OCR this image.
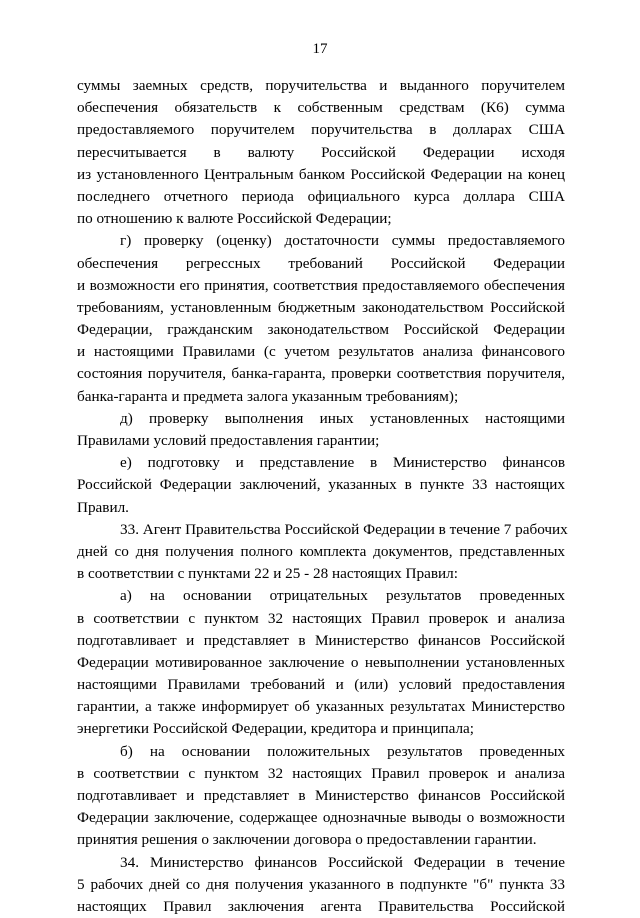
17
суммы заемных средств, поручительства и выданного поручителем
обеспечения обязательств к собственным средствам (К6) сумма
предоставляемого поручителем поручительства в долларах США
пересчитывается в валюту Российской Федерации исходя
из установленного Центральным банком Российской Федерации на конец
последнего отчетного периода официального курса доллара США
по отношению к валюте Российской Федерации;
г) проверку (оценку) достаточности суммы предоставляемого
обеспечения регрессных требований Российской Федерации
и возможности его принятия, соответствия предоставляемого обеспечения
требованиям, установленным бюджетным законодательством Российской
Федерации, гражданским законодательством Российской Федерации
и настоящими Правилами (с учетом результатов анализа финансового
состояния поручителя, банка-гаранта, проверки соответствия поручителя,
банка-гаранта и предмета залога указанным требованиям);
д) проверку выполнения иных установленных настоящими
Правилами условий предоставления гарантии;
е) подготовку и представление в Министерство финансов
Российской Федерации заключений, указанных в пункте 33 настоящих
Правил.
33. Агент Правительства Российской Федерации в течение 7 рабочих
дней со дня получения полного комплекта документов, представленных
в соответствии с пунктами 22 и 25 - 28 настоящих Правил:
а) на основании отрицательных результатов проведенных
в соответствии с пунктом 32 настоящих Правил проверок и анализа
подготавливает и представляет в Министерство финансов Российской
Федерации мотивированное заключение о невыполнении установленных
настоящими Правилами требований и (или) условий предоставления
гарантии, а также информирует об указанных результатах Министерство
энергетики Российской Федерации, кредитора и принципала;
б) на основании положительных результатов проведенных
в соответствии с пунктом 32 настоящих Правил проверок и анализа
подготавливает и представляет в Министерство финансов Российской
Федерации заключение, содержащее однозначные выводы о возможности
принятия решения о заключении договора о предоставлении гарантии.
34. Министерство финансов Российской Федерации в течение
5 рабочих дней со дня получения указанного в подпункте "б" пункта 33
настоящих Правил заключения агента Правительства Российской
